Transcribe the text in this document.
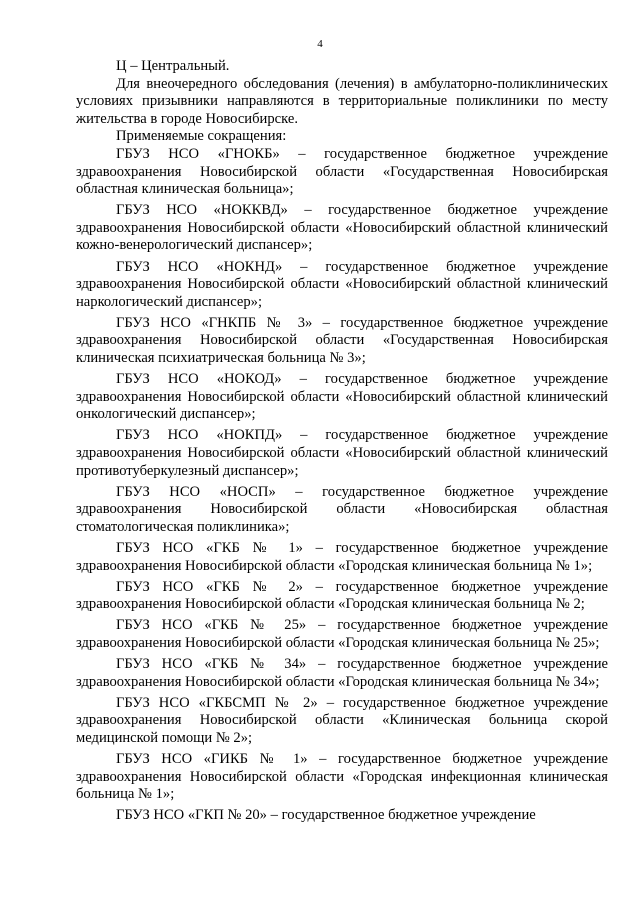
4

Ц – Центральный.

Для внеочередного обследования (лечения) в амбулаторно-поликлинических условиях призывники направляются в территориальные поликлиники по месту жительства в городе Новосибирске.

Применяемые сокращения:

ГБУЗ НСО «ГНОКБ» – государственное бюджетное учреждение здравоохранения Новосибирской области «Государственная Новосибирская областная клиническая больница»;

ГБУЗ НСО «НОККВД» – государственное бюджетное учреждение здравоохранения Новосибирской области «Новосибирский областной клинический кожно-венерологический диспансер»;

ГБУЗ НСО «НОКНД» – государственное бюджетное учреждение здравоохранения Новосибирской области «Новосибирский областной клинический наркологический диспансер»;

ГБУЗ НСО «ГНКПБ № 3» – государственное бюджетное учреждение здравоохранения Новосибирской области «Государственная Новосибирская клиническая психиатрическая больница № 3»;

ГБУЗ НСО «НОКОД» – государственное бюджетное учреждение здравоохранения Новосибирской области «Новосибирский областной клинический онкологический диспансер»;

ГБУЗ НСО «НОКПД» – государственное бюджетное учреждение здравоохранения Новосибирской области «Новосибирский областной клинический противотуберкулезный диспансер»;

ГБУЗ НСО «НОСП» – государственное бюджетное учреждение здравоохранения Новосибирской области «Новосибирская областная стоматологическая поликлиника»;

ГБУЗ НСО «ГКБ № 1» – государственное бюджетное учреждение здравоохранения Новосибирской области «Городская клиническая больница № 1»;

ГБУЗ НСО «ГКБ № 2» – государственное бюджетное учреждение здравоохранения Новосибирской области «Городская клиническая больница № 2;

ГБУЗ НСО «ГКБ № 25» – государственное бюджетное учреждение здравоохранения Новосибирской области «Городская клиническая больница № 25»;

ГБУЗ НСО «ГКБ № 34» – государственное бюджетное учреждение здравоохранения Новосибирской области «Городская клиническая больница № 34»;

ГБУЗ НСО «ГКБСМП № 2» – государственное бюджетное учреждение здравоохранения Новосибирской области «Клиническая больница скорой медицинской помощи № 2»;

ГБУЗ НСО «ГИКБ № 1» – государственное бюджетное учреждение здравоохранения Новосибирской области «Городская инфекционная клиническая больница № 1»;

ГБУЗ НСО «ГКП № 20» – государственное бюджетное учреждение
